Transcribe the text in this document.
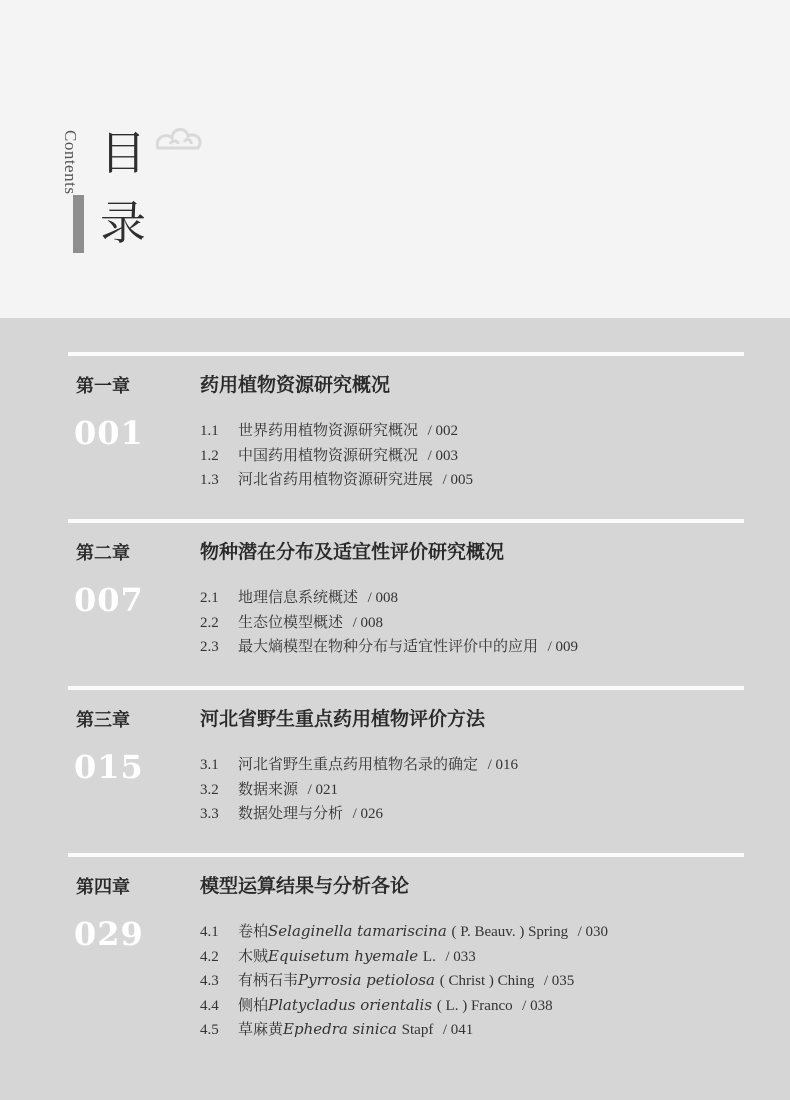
Contents 目
录
第一章	药用植物资源研究概况
001	1.1 世界药用植物资源研究概况 / 002
1.2 中国药用植物资源研究概况 / 003
1.3 河北省药用植物资源研究进展 / 005
第二章	物种潜在分布及适宜性评价研究概况
007	2.1 地理信息系统概述 / 008
2.2 生态位模型概述 / 008
2.3 最大熵模型在物种分布与适宜性评价中的应用 / 009
第三章	河北省野生重点药用植物评价方法
015	3.1 河北省野生重点药用植物名录的确定 / 016
3.2 数据来源 / 021
3.3 数据处理与分析 / 026
第四章	模型运算结果与分析各论
029	4.1 卷柏Selaginella tamariscina ( P. Beauv. ) Spring / 030
4.2 木贼Equisetum hyemale L. / 033
4.3 有柄石韦Pyrrosia petiolosa ( Christ ) Ching / 035
4.4 侧柏Platycladus orientalis ( L. ) Franco / 038
4.5 草麻黄Ephedra sinica Stapf / 041
